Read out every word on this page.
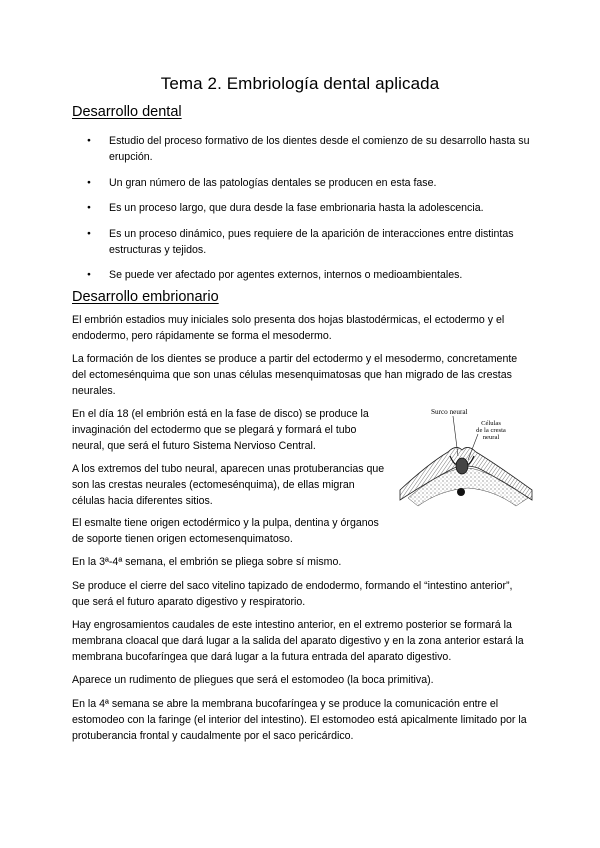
Tema 2. Embriología dental aplicada
Desarrollo dental
● Estudio del proceso formativo de los dientes desde el comienzo de su desarrollo hasta su erupción.
● Un gran número de las patologías dentales se producen en esta fase.
● Es un proceso largo, que dura desde la fase embrionaria hasta la adolescencia.
● Es un proceso dinámico, pues requiere de la aparición de interacciones entre distintas estructuras y tejidos.
● Se puede ver afectado por agentes externos, internos o medioambientales.
Desarrollo embrionario

El embrión estadios muy iniciales solo presenta dos hojas blastodérmicas, el ectodermo y el endodermo, pero rápidamente se forma el mesodermo.

La formación de los dientes se produce a partir del ectodermo y el mesodermo, concretamente del ectomesénquima que son unas células mesenquimatosas que han migrado de las crestas neurales.

En el día 18 (el embrión está en la fase de disco) se produce la invaginación del ectodermo que se plegará y formará el tubo neural, que será el futuro Sistema Nervioso Central.

A los extremos del tubo neural, aparecen unas protuberancias que son las crestas neurales (ectomesénquima), de ellas migran células hacia diferentes sitios.

El esmalte tiene origen ectodérmico y la pulpa, dentina y órganos de soporte tienen origen ectomesenquimatoso.

En la 3ª-4ª semana, el embrión se pliega sobre sí mismo.

Se produce el cierre del saco vitelino tapizado de endodermo, formando el “intestino anterior”, que será el futuro aparato digestivo y respiratorio.

Hay engrosamientos caudales de este intestino anterior, en el extremo posterior se formará la membrana cloacal que dará lugar a la salida del aparato digestivo y en la zona anterior estará la membrana bucofaríngea que dará lugar a la futura entrada del aparato digestivo.

Aparece un rudimento de pliegues que será el estomodeo (la boca primitiva).

En la 4ª semana se abre la membrana bucofaríngea y se produce la comunicación entre el estomodeo con la faringe (el interior del intestino). El estomodeo está apicalmente limitado por la protuberancia frontal y caudalmente por el saco pericárdico.

Surco neural
Células
de la cresta
neural
